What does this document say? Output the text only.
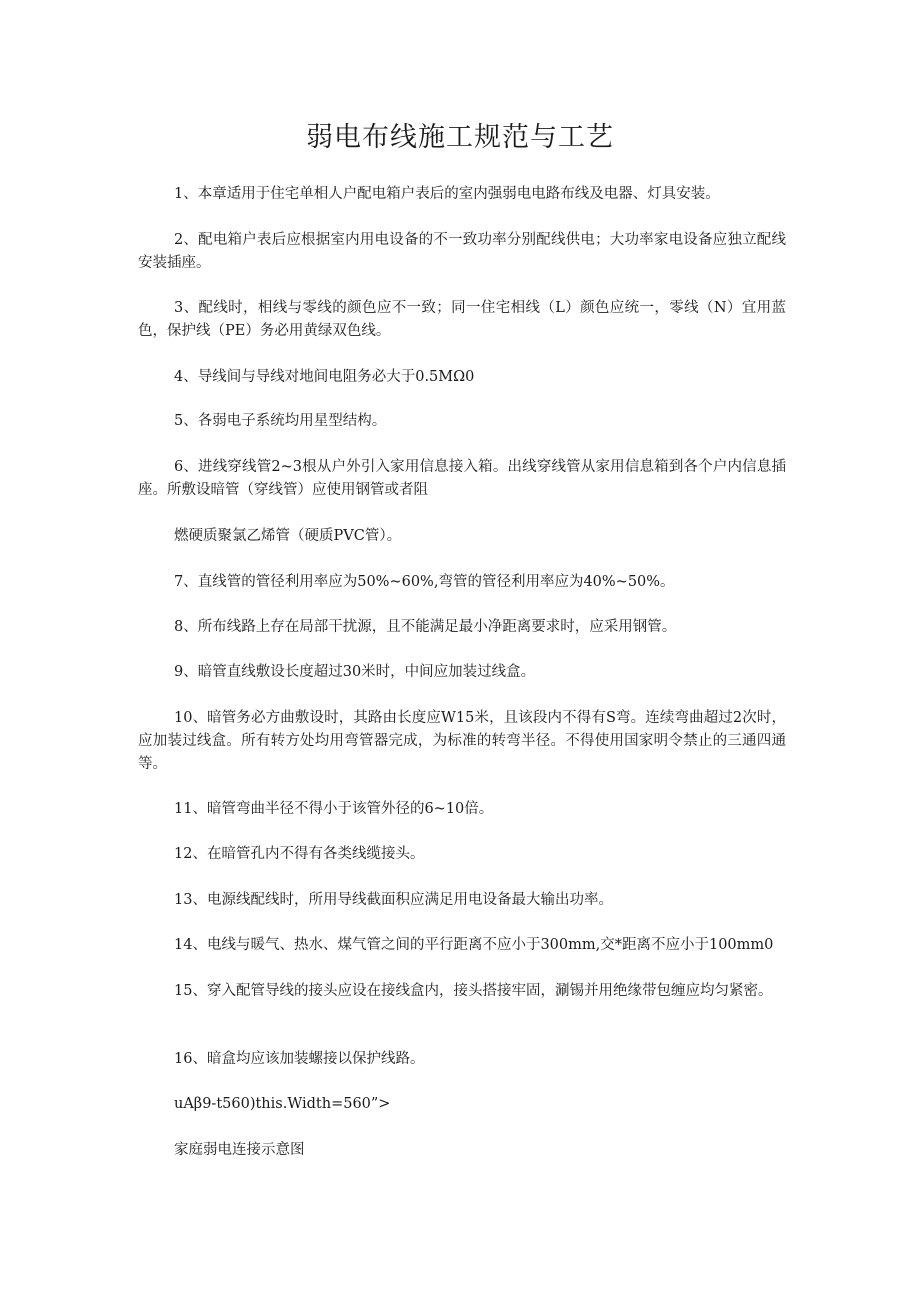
弱电布线施工规范与工艺

1、本章适用于住宅单相人户配电箱户表后的室内强弱电电路布线及电器、灯具安装。

2、配电箱户表后应根据室内用电设备的不一致功率分别配线供电；大功率家电设备应独立配线安装插座。

3、配线时，相线与零线的颜色应不一致；同一住宅相线（L）颜色应统一，零线（N）宜用蓝色，保护线（PE）务必用黄绿双色线。

4、导线间与导线对地间电阻务必大于0.5MΩ0

5、各弱电子系统均用星型结构。

6、进线穿线管2~3根从户外引入家用信息接入箱。出线穿线管从家用信息箱到各个户内信息插座。所敷设暗管（穿线管）应使用钢管或者阻

燃硬质聚氯乙烯管（硬质PVC管）。

7、直线管的管径利用率应为50%~60%,弯管的管径利用率应为40%~50%。

8、所布线路上存在局部干扰源，且不能满足最小净距离要求时，应采用钢管。

9、暗管直线敷设长度超过30米时，中间应加装过线盒。

10、暗管务必方曲敷设时，其路由长度应W15米，且该段内不得有S弯。连续弯曲超过2次时，应加装过线盒。所有转方处均用弯管器完成，为标准的转弯半径。不得使用国家明令禁止的三通四通等。

11、暗管弯曲半径不得小于该管外径的6~10倍。

12、在暗管孔内不得有各类线缆接头。

13、电源线配线时，所用导线截面积应满足用电设备最大输出功率。

14、电线与暖气、热水、煤气管之间的平行距离不应小于300mm,交*距离不应小于100mm0

15、穿入配管导线的接头应设在接线盒内，接头搭接牢固，涮锡并用绝缘带包缠应均匀紧密。

16、暗盒均应该加装螺接以保护线路。

uAβ9-t560)this.Width=560”>

家庭弱电连接示意图
